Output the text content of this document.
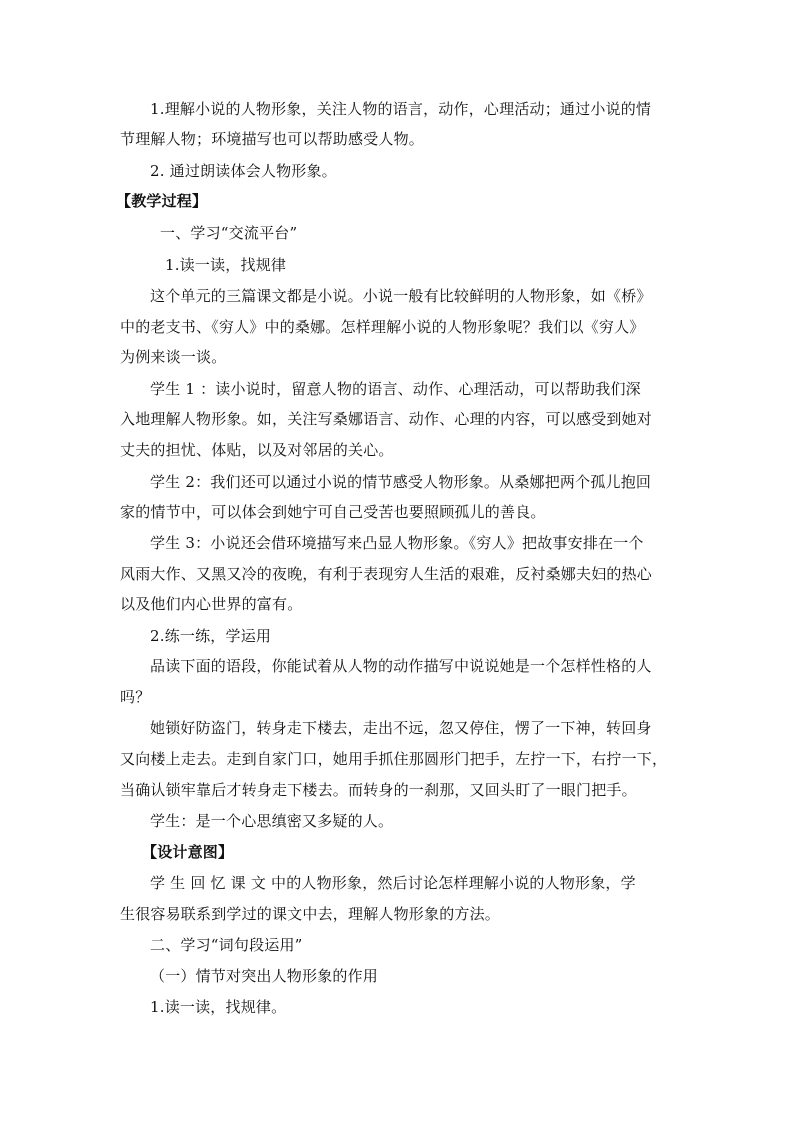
1.理解小说的人物形象，关注人物的语言，动作，心理活动；通过小说的情
节理解人物；环境描写也可以帮助感受人物。
2. 通过朗读体会人物形象。
【教学过程】
一、学习“交流平台”
1.读一读，找规律
这个单元的三篇课文都是小说。小说一般有比较鲜明的人物形象，如《桥》
中的老支书、《穷人》中的桑娜。怎样理解小说的人物形象呢？我们以《穷人》
为例来谈一谈。
学生 1 ：读小说时，留意人物的语言、动作、心理活动，可以帮助我们深
入地理解人物形象。如，关注写桑娜语言、动作、心理的内容，可以感受到她对
丈夫的担忧、体贴，以及对邻居的关心。
学生 2：我们还可以通过小说的情节感受人物形象。从桑娜把两个孤儿抱回
家的情节中，可以体会到她宁可自己受苦也要照顾孤儿的善良。
学生 3：小说还会借环境描写来凸显人物形象。《穷人》把故事安排在一个
风雨大作、又黑又冷的夜晚，有利于表现穷人生活的艰难，反衬桑娜夫妇的热心
以及他们内心世界的富有。
2.练一练，学运用
品读下面的语段，你能试着从人物的动作描写中说说她是一个怎样性格的人
吗？
她锁好防盗门，转身走下楼去，走出不远，忽又停住，愣了一下神，转回身
又向楼上走去。走到自家门口，她用手抓住那圆形门把手，左拧一下，右拧一下，
当确认锁牢靠后才转身走下楼去。而转身的一刹那，又回头盯了一眼门把手。
学生：是一个心思缜密又多疑的人。
【设计意图】
学 生 回 忆 课 文 中的人物形象，然后讨论怎样理解小说的人物形象，学
生很容易联系到学过的课文中去，理解人物形象的方法。
二、学习“词句段运用”
（一）情节对突出人物形象的作用
1.读一读，找规律。
